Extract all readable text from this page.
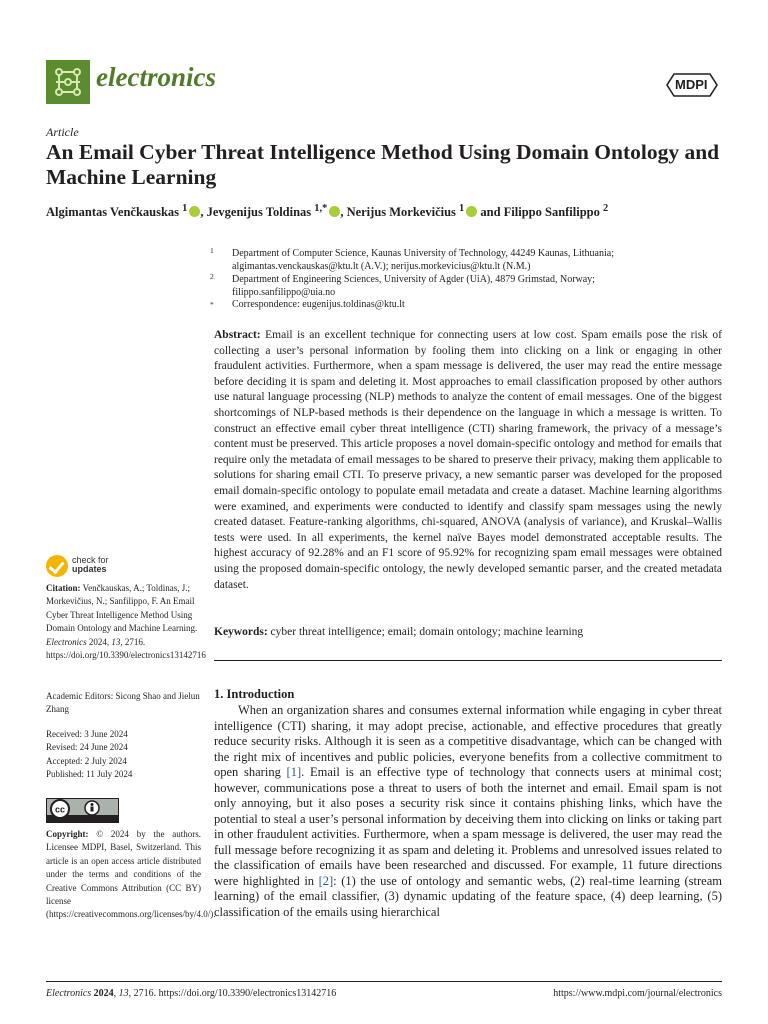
electronics	MDPI
Article
An Email Cyber Threat Intelligence Method Using Domain Ontology and Machine Learning
Algimantas Venčkauskas $^1$ , Jevgenijus Toldinas $^{1,*}$ , Nerijus Morkevičius $^1$ and Filippo Sanfilippo $^2$
1 Department of Computer Science, Kaunas University of Technology, 44249 Kaunas, Lithuania;
algimantas.venckauskas@ktu.lt (A.V.); nerijus.morkevicius@ktu.lt (N.M.)
2 Department of Engineering Sciences, University of Agder (UiA), 4879 Grimstad, Norway;
filippo.sanfilippo@uia.no
* Correspondence: eugenijus.toldinas@ktu.lt
Abstract: Email is an excellent technique for connecting users at low cost. Spam emails pose the risk of collecting a user’s personal information by fooling them into clicking on a link or engaging in other fraudulent activities. Furthermore, when a spam message is delivered, the user may read the entire message before deciding it is spam and deleting it. Most approaches to email classification proposed by other authors use natural language processing (NLP) methods to analyze the content of email messages. One of the biggest shortcomings of NLP-based methods is their dependence on the language in which a message is written. To construct an effective email cyber threat intelligence (CTI) sharing framework, the privacy of a message’s content must be preserved. This article proposes a novel domain-specific ontology and method for emails that require only the metadata of email messages to be shared to preserve their privacy, making them applicable to solutions for sharing email CTI. To preserve privacy, a new semantic parser was developed for the proposed email domain-specific ontology to populate email metadata and create a dataset. Machine learning algorithms were examined, and experiments were conducted to identify and classify spam messages using the newly created dataset. Feature-ranking algorithms, chi-squared, ANOVA (analysis of variance), and Kruskal–Wallis tests were used. In all experiments, the kernel naïve Bayes model demonstrated acceptable results. The highest accuracy of 92.28% and an F1 score of 95.92% for recognizing spam email messages were obtained using the proposed domain-specific ontology, the newly developed semantic parser, and the created metadata dataset.
Keywords: cyber threat intelligence; email; domain ontology; machine learning
1. Introduction

When an organization shares and consumes external information while engaging in cyber threat intelligence (CTI) sharing, it may adopt precise, actionable, and effective procedures that greatly reduce security risks. Although it is seen as a competitive disadvantage, which can be changed with the right mix of incentives and public policies, everyone benefits from a collective commitment to open sharing [1]. Email is an effective type of technology that connects users at minimal cost; however, communications pose a threat to users of both the internet and email. Email spam is not only annoying, but it also poses a security risk since it contains phishing links, which have the potential to steal a user’s personal information by deceiving them into clicking on links or taking part in other fraudulent activities. Furthermore, when a spam message is delivered, the user may read the full message before recognizing it as spam and deleting it. Problems and unresolved issues related to the classification of emails have been researched and discussed. For example, 11 future directions were highlighted in [2]: (1) the use of ontology and semantic webs, (2) real-time learning (stream learning) of the email classifier, (3) dynamic updating of the feature space, (4) deep learning, (5) classification of the emails using hierarchical

check for
updates
Citation: Venčkauskas, A.; Toldinas, J.; Morkevičius, N.; Sanfilippo, F. An Email Cyber Threat Intelligence Method Using Domain Ontology and Machine Learning. Electronics 2024, 13, 2716. https://doi.org/10.3390/electronics13142716
Academic Editors: Sicong Shao and Jielun Zhang
Received: 3 June 2024
Revised: 24 June 2024
Accepted: 2 July 2024
Published: 11 July 2024
cc
Copyright: © 2024 by the authors. Licensee MDPI, Basel, Switzerland. This article is an open access article distributed under the terms and conditions of the Creative Commons Attribution (CC BY) license (https://creativecommons.org/licenses/by/4.0/).
Electronics 2024, 13, 2716. https://doi.org/10.3390/electronics13142716	https://www.mdpi.com/journal/electronics
